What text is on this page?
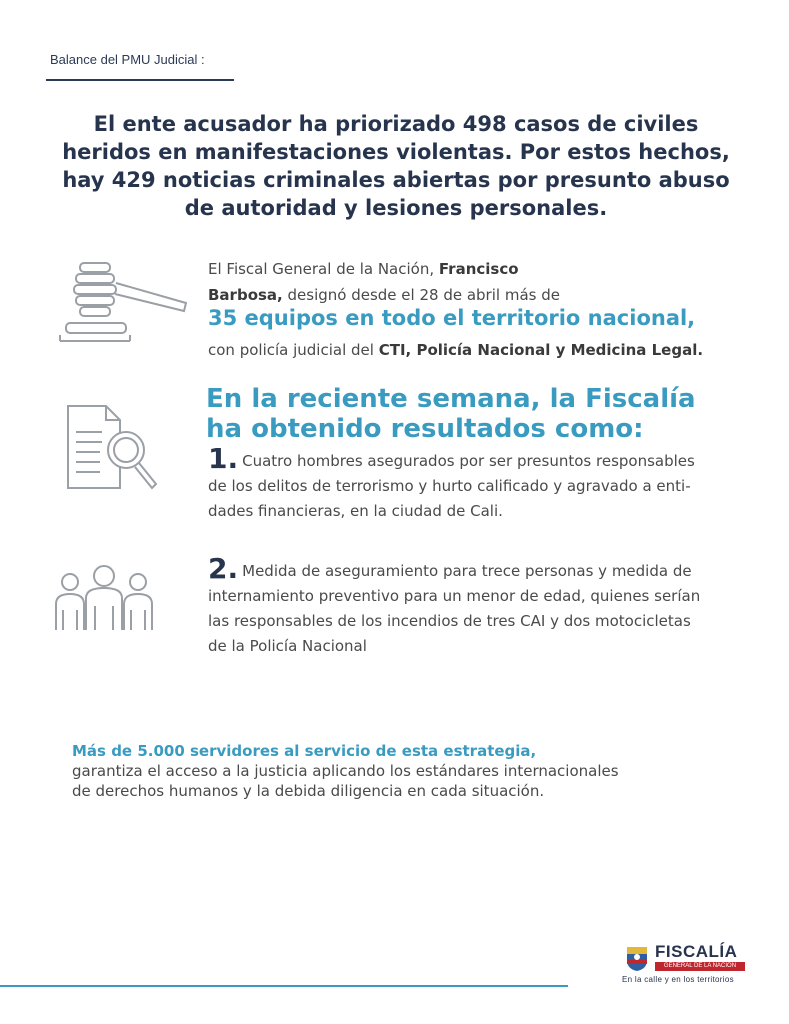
Balance del PMU Judicial :
El ente acusador ha priorizado 498 casos de civiles
heridos en manifestaciones violentas. Por estos hechos,
hay 429 noticias criminales abiertas por presunto abuso
de autoridad y lesiones personales.
El Fiscal General de la Nación, Francisco
Barbosa, designó desde el 28 de abril más de
35 equipos en todo el territorio nacional,
con policía judicial del CTI, Policía Nacional y Medicina Legal.
En la reciente semana, la Fiscalía
ha obtenido resultados como:
1. Cuatro hombres asegurados por ser presuntos responsables
de los delitos de terrorismo y hurto calificado y agravado a enti-
dades financieras, en la ciudad de Cali.
2. Medida de aseguramiento para trece personas y medida de
internamiento preventivo para un menor de edad, quienes serían
las responsables de los incendios de tres CAI y dos motocicletas
de la Policía Nacional
Más de 5.000 servidores al servicio de esta estrategia,
garantiza el acceso a la justicia aplicando los estándares internacionales
de derechos humanos y la debida diligencia en cada situación.
FISCALÍA
GENERAL DE LA NACIÓN
En la calle y en los territorios
